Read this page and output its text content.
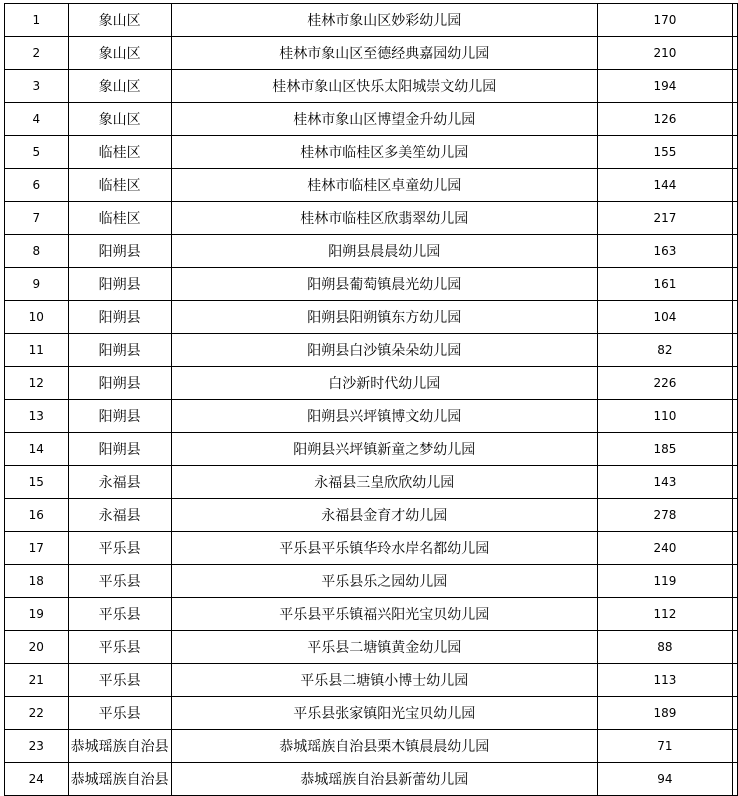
1	象山区	桂林市象山区妙彩幼儿园	170	
2	象山区	桂林市象山区至德经典嘉园幼儿园	210	
3	象山区	桂林市象山区快乐太阳城崇文幼儿园	194	
4	象山区	桂林市象山区博望金升幼儿园	126	
5	临桂区	桂林市临桂区多美笙幼儿园	155	
6	临桂区	桂林市临桂区卓童幼儿园	144	
7	临桂区	桂林市临桂区欣翡翠幼儿园	217	
8	阳朔县	阳朔县晨晨幼儿园	163	
9	阳朔县	阳朔县葡萄镇晨光幼儿园	161	
10	阳朔县	阳朔县阳朔镇东方幼儿园	104	
11	阳朔县	阳朔县白沙镇朵朵幼儿园	82	
12	阳朔县	白沙新时代幼儿园	226	
13	阳朔县	阳朔县兴坪镇博文幼儿园	110	
14	阳朔县	阳朔县兴坪镇新童之梦幼儿园	185	
15	永福县	永福县三皇欣欣幼儿园	143	
16	永福县	永福县金育才幼儿园	278	
17	平乐县	平乐县平乐镇华玲水岸名都幼儿园	240	
18	平乐县	平乐县乐之园幼儿园	119	
19	平乐县	平乐县平乐镇福兴阳光宝贝幼儿园	112	
20	平乐县	平乐县二塘镇黄金幼儿园	88	
21	平乐县	平乐县二塘镇小博士幼儿园	113	
22	平乐县	平乐县张家镇阳光宝贝幼儿园	189	
23	恭城瑶族自治县	恭城瑶族自治县栗木镇晨晨幼儿园	71	
24	恭城瑶族自治县	恭城瑶族自治县新蕾幼儿园	94	
